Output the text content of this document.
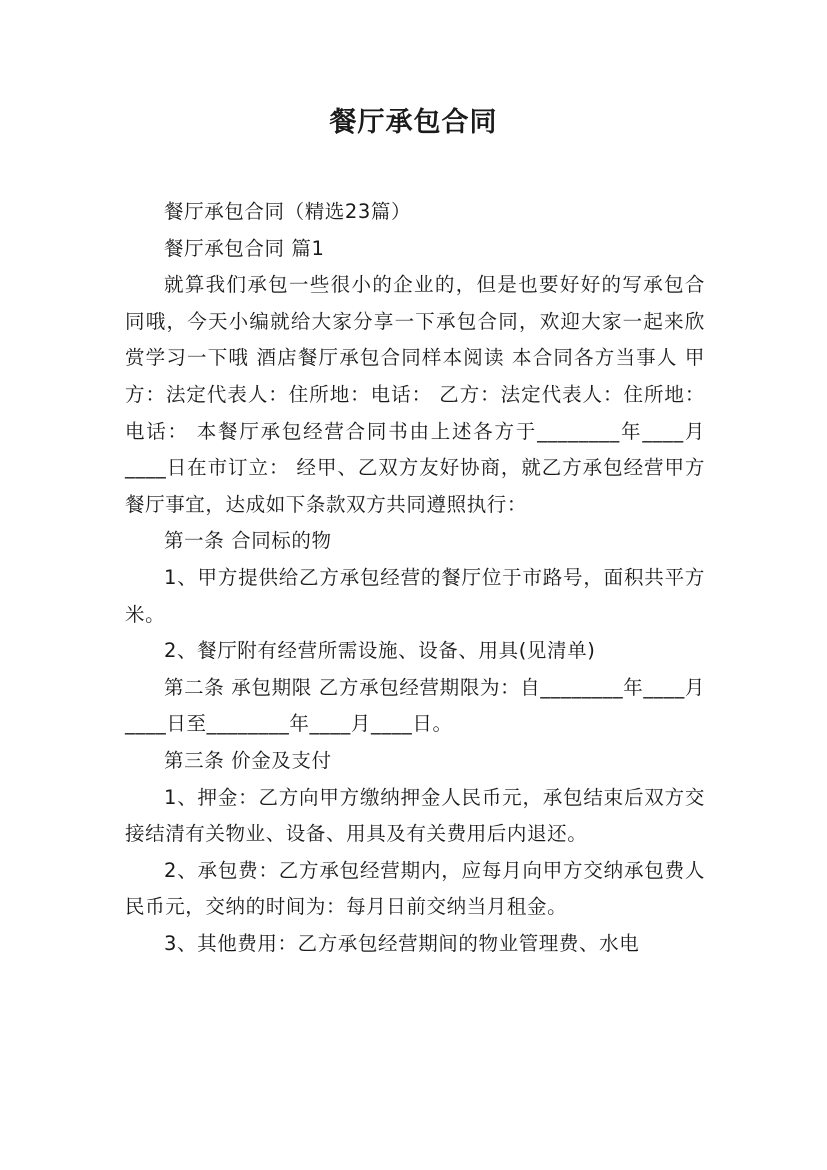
餐厅承包合同

餐厅承包合同（精选23篇）

餐厅承包合同 篇1

就算我们承包一些很小的企业的，但是也要好好的写承包合同哦，今天小编就给大家分享一下承包合同，欢迎大家一起来欣赏学习一下哦 酒店餐厅承包合同样本阅读 本合同各方当事人 甲方：法定代表人：住所地：电话： 乙方：法定代表人：住所地：电话： 本餐厅承包经营合同书由上述各方于________年____月____日在市订立： 经甲、乙双方友好协商，就乙方承包经营甲方餐厅事宜，达成如下条款双方共同遵照执行：

第一条 合同标的物

1、甲方提供给乙方承包经营的餐厅位于市路号，面积共平方米。

2、餐厅附有经营所需设施、设备、用具(见清单)

第二条 承包期限 乙方承包经营期限为：自________年____月____日至________年____月____日。

第三条 价金及支付

1、押金：乙方向甲方缴纳押金人民币元，承包结束后双方交接结清有关物业、设备、用具及有关费用后内退还。

2、承包费：乙方承包经营期内，应每月向甲方交纳承包费人民币元，交纳的时间为：每月日前交纳当月租金。

3、其他费用：乙方承包经营期间的物业管理费、水电
